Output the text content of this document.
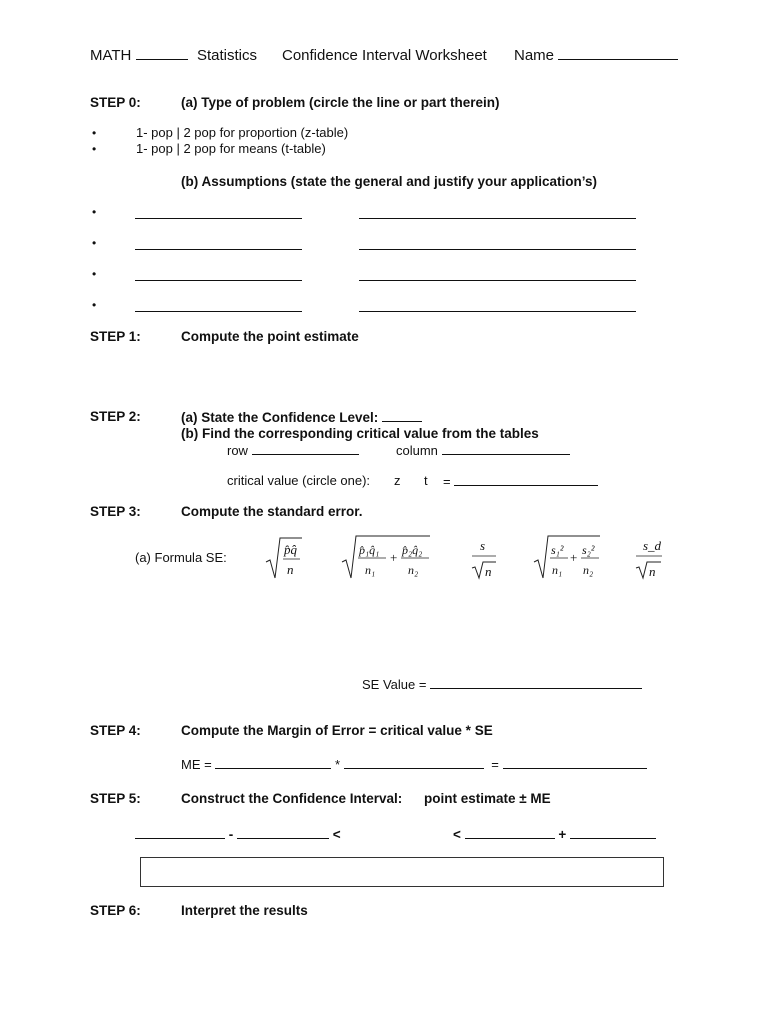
MATH	Statistics Confidence Interval Worksheet Name
STEP 0:	(a) Type of problem (circle the line or part therein)
•	1- pop | 2 pop for proportion (z-table)
•	1- pop | 2 pop for means (t-table)
(b) Assumptions (state the general and justify your application’s)
•
•
•
•
STEP 1:	Compute the point estimate
STEP 2:	(a) State the Confidence Level:
(b) Find the corresponding critical value from the tables
row	column
critical value (circle one): z t =
STEP 3:	Compute the standard error.
(a) Formula SE:
p̂q̂
n
p̂₁q̂₁
n₁
+ p̂₂q̂₂
n₂
s
n
s₁²
n₁
+ s₂²
n₂
s_d
n
SE Value =
STEP 4:	Compute the Margin of Error = critical value * SE
ME =	*	=
STEP 5:	Construct the Confidence Interval: point estimate ± ME
-	<	<	+
STEP 6:	Interpret the results
